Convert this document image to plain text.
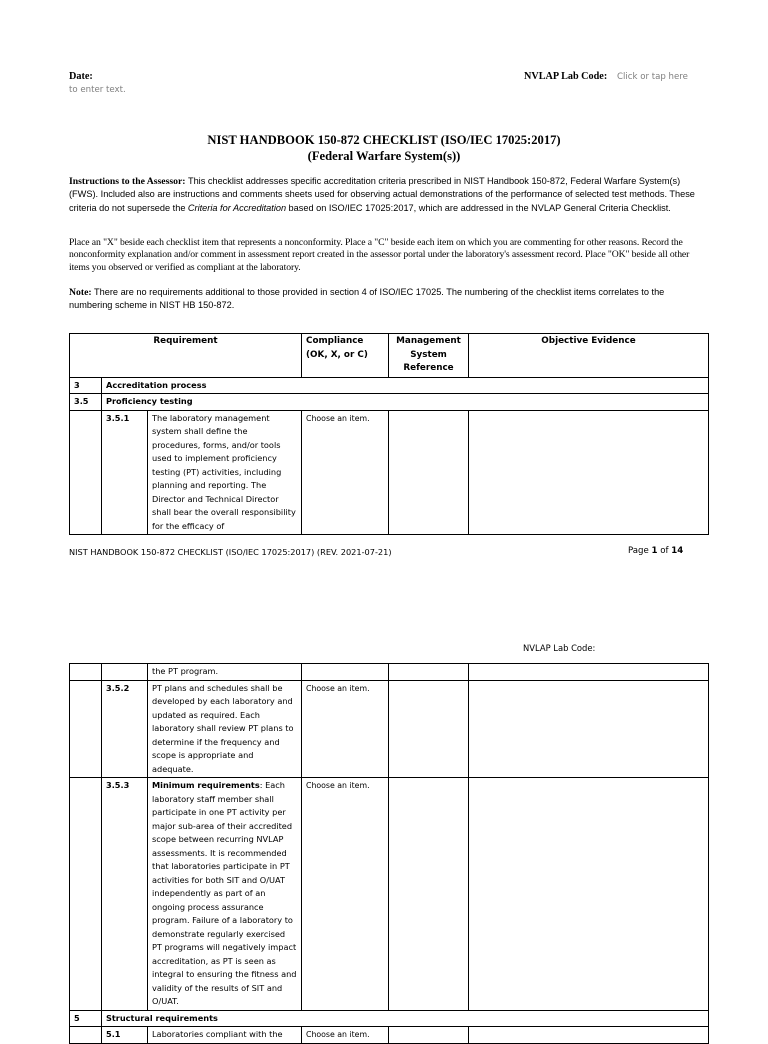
Date:
to enter text.
NVLAP Lab Code: Click or tap here
NIST HANDBOOK 150-872 CHECKLIST (ISO/IEC 17025:2017)
(Federal Warfare System(s))
Instructions to the Assessor: This checklist addresses specific accreditation criteria prescribed in NIST Handbook 150-872, Federal Warfare System(s) (FWS). Included also are instructions and comments sheets used for observing actual demonstrations of the performance of selected test methods. These criteria do not supersede the Criteria for Accreditation based on ISO/IEC 17025:2017, which are addressed in the NVLAP General Criteria Checklist.
Place an "X" beside each checklist item that represents a nonconformity. Place a "C" beside each item on which you are commenting for other reasons. Record the nonconformity explanation and/or comment in assessment report created in the assessor portal under the laboratory's assessment record. Place "OK" beside all other items you observed or verified as compliant at the laboratory.
Note: There are no requirements additional to those provided in section 4 of ISO/IEC 17025. The numbering of the checklist items correlates to the numbering scheme in NIST HB 150-872.
Requirement			Compliance (OK, X, or C)	Management System Reference	Objective Evidence
3	Accreditation process				
3.5	Proficiency testing				
	3.5.1	The laboratory management system shall define the procedures, forms, and/or tools used to implement proficiency testing (PT) activities, including planning and reporting. The Director and Technical Director shall bear the overall responsibility for the efficacy of	Choose an item.		
NIST HANDBOOK 150-872 CHECKLIST (ISO/IEC 17025:2017) (REV. 2021-07-21)	Page 1 of 14
NVLAP Lab Code:
		the PT program.			
	3.5.2	PT plans and schedules shall be developed by each laboratory and updated as required. Each laboratory shall review PT plans to determine if the frequency and scope is appropriate and adequate.	Choose an item.		
	3.5.3	Minimum requirements: Each laboratory staff member shall participate in one PT activity per major sub-area of their accredited scope between recurring NVLAP assessments. It is recommended that laboratories participate in PT activities for both SIT and O/UAT independently as part of an ongoing process assurance program. Failure of a laboratory to demonstrate regularly exercised PT programs will negatively impact accreditation, as PT is seen as integral to ensuring the fitness and validity of the results of SIT and O/UAT.	Choose an item.		
5	Structural requirements				
	5.1	Laboratories compliant with the	Choose an item.		
